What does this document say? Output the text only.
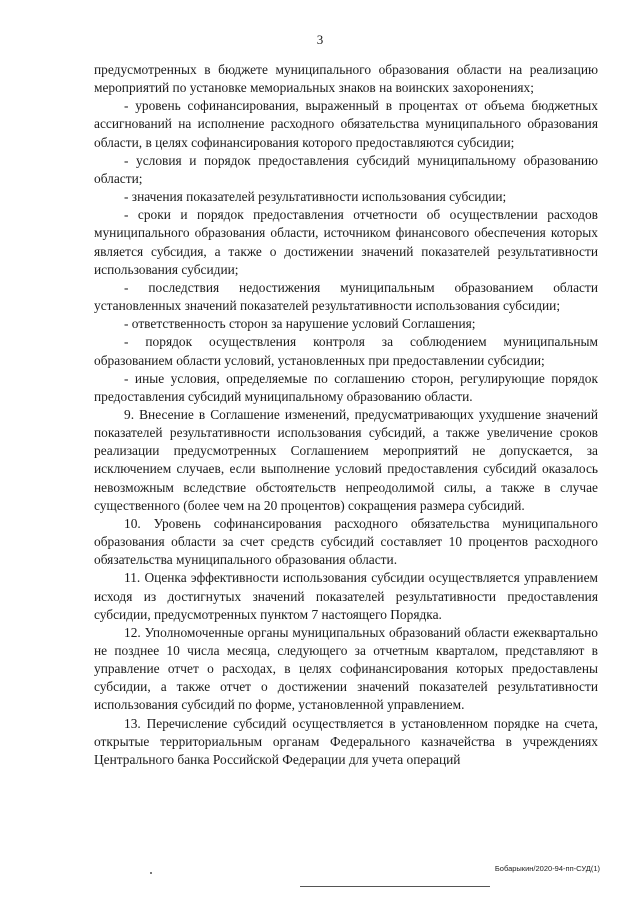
3

предусмотренных в бюджете муниципального образования области на реализацию мероприятий по установке мемориальных знаков на воинских захоронениях;

- уровень софинансирования, выраженный в процентах от объема бюджетных ассигнований на исполнение расходного обязательства муниципального образования области, в целях софинансирования которого предоставляются субсидии;

- условия и порядок предоставления субсидий муниципальному образованию области;

- значения показателей результативности использования субсидии;

- сроки и порядок предоставления отчетности об осуществлении расходов муниципального образования области, источником финансового обеспечения которых является субсидия, а также о достижении значений показателей результативности использования субсидии;

- последствия недостижения муниципальным образованием области установленных значений показателей результативности использования субсидии;

- ответственность сторон за нарушение условий Соглашения;

- порядок осуществления контроля за соблюдением муниципальным образованием области условий, установленных при предоставлении субсидии;

- иные условия, определяемые по соглашению сторон, регулирующие порядок предоставления субсидий муниципальному образованию области.

9. Внесение в Соглашение изменений, предусматривающих ухудшение значений показателей результативности использования субсидий, а также увеличение сроков реализации предусмотренных Соглашением мероприятий не допускается, за исключением случаев, если выполнение условий предоставления субсидий оказалось невозможным вследствие обстоятельств непреодолимой силы, а также в случае существенного (более чем на 20 процентов) сокращения размера субсидий.

10. Уровень софинансирования расходного обязательства муниципального образования области за счет средств субсидий составляет 10 процентов расходного обязательства муниципального образования области.

11. Оценка эффективности использования субсидии осуществляется управлением исходя из достигнутых значений показателей результативности предоставления субсидии, предусмотренных пунктом 7 настоящего Порядка.

12. Уполномоченные органы муниципальных образований области ежеквартально не позднее 10 числа месяца, следующего за отчетным кварталом, представляют в управление отчет о расходах, в целях софинансирования которых предоставлены субсидии, а также отчет о достижении значений показателей результативности использования субсидий по форме, установленной управлением.

13. Перечисление субсидий осуществляется в установленном порядке на счета, открытые территориальным органам Федерального казначейства в учреждениях Центрального банка Российской Федерации для учета операций

Бобарыкин/2020-94-пп-СУД(1)
